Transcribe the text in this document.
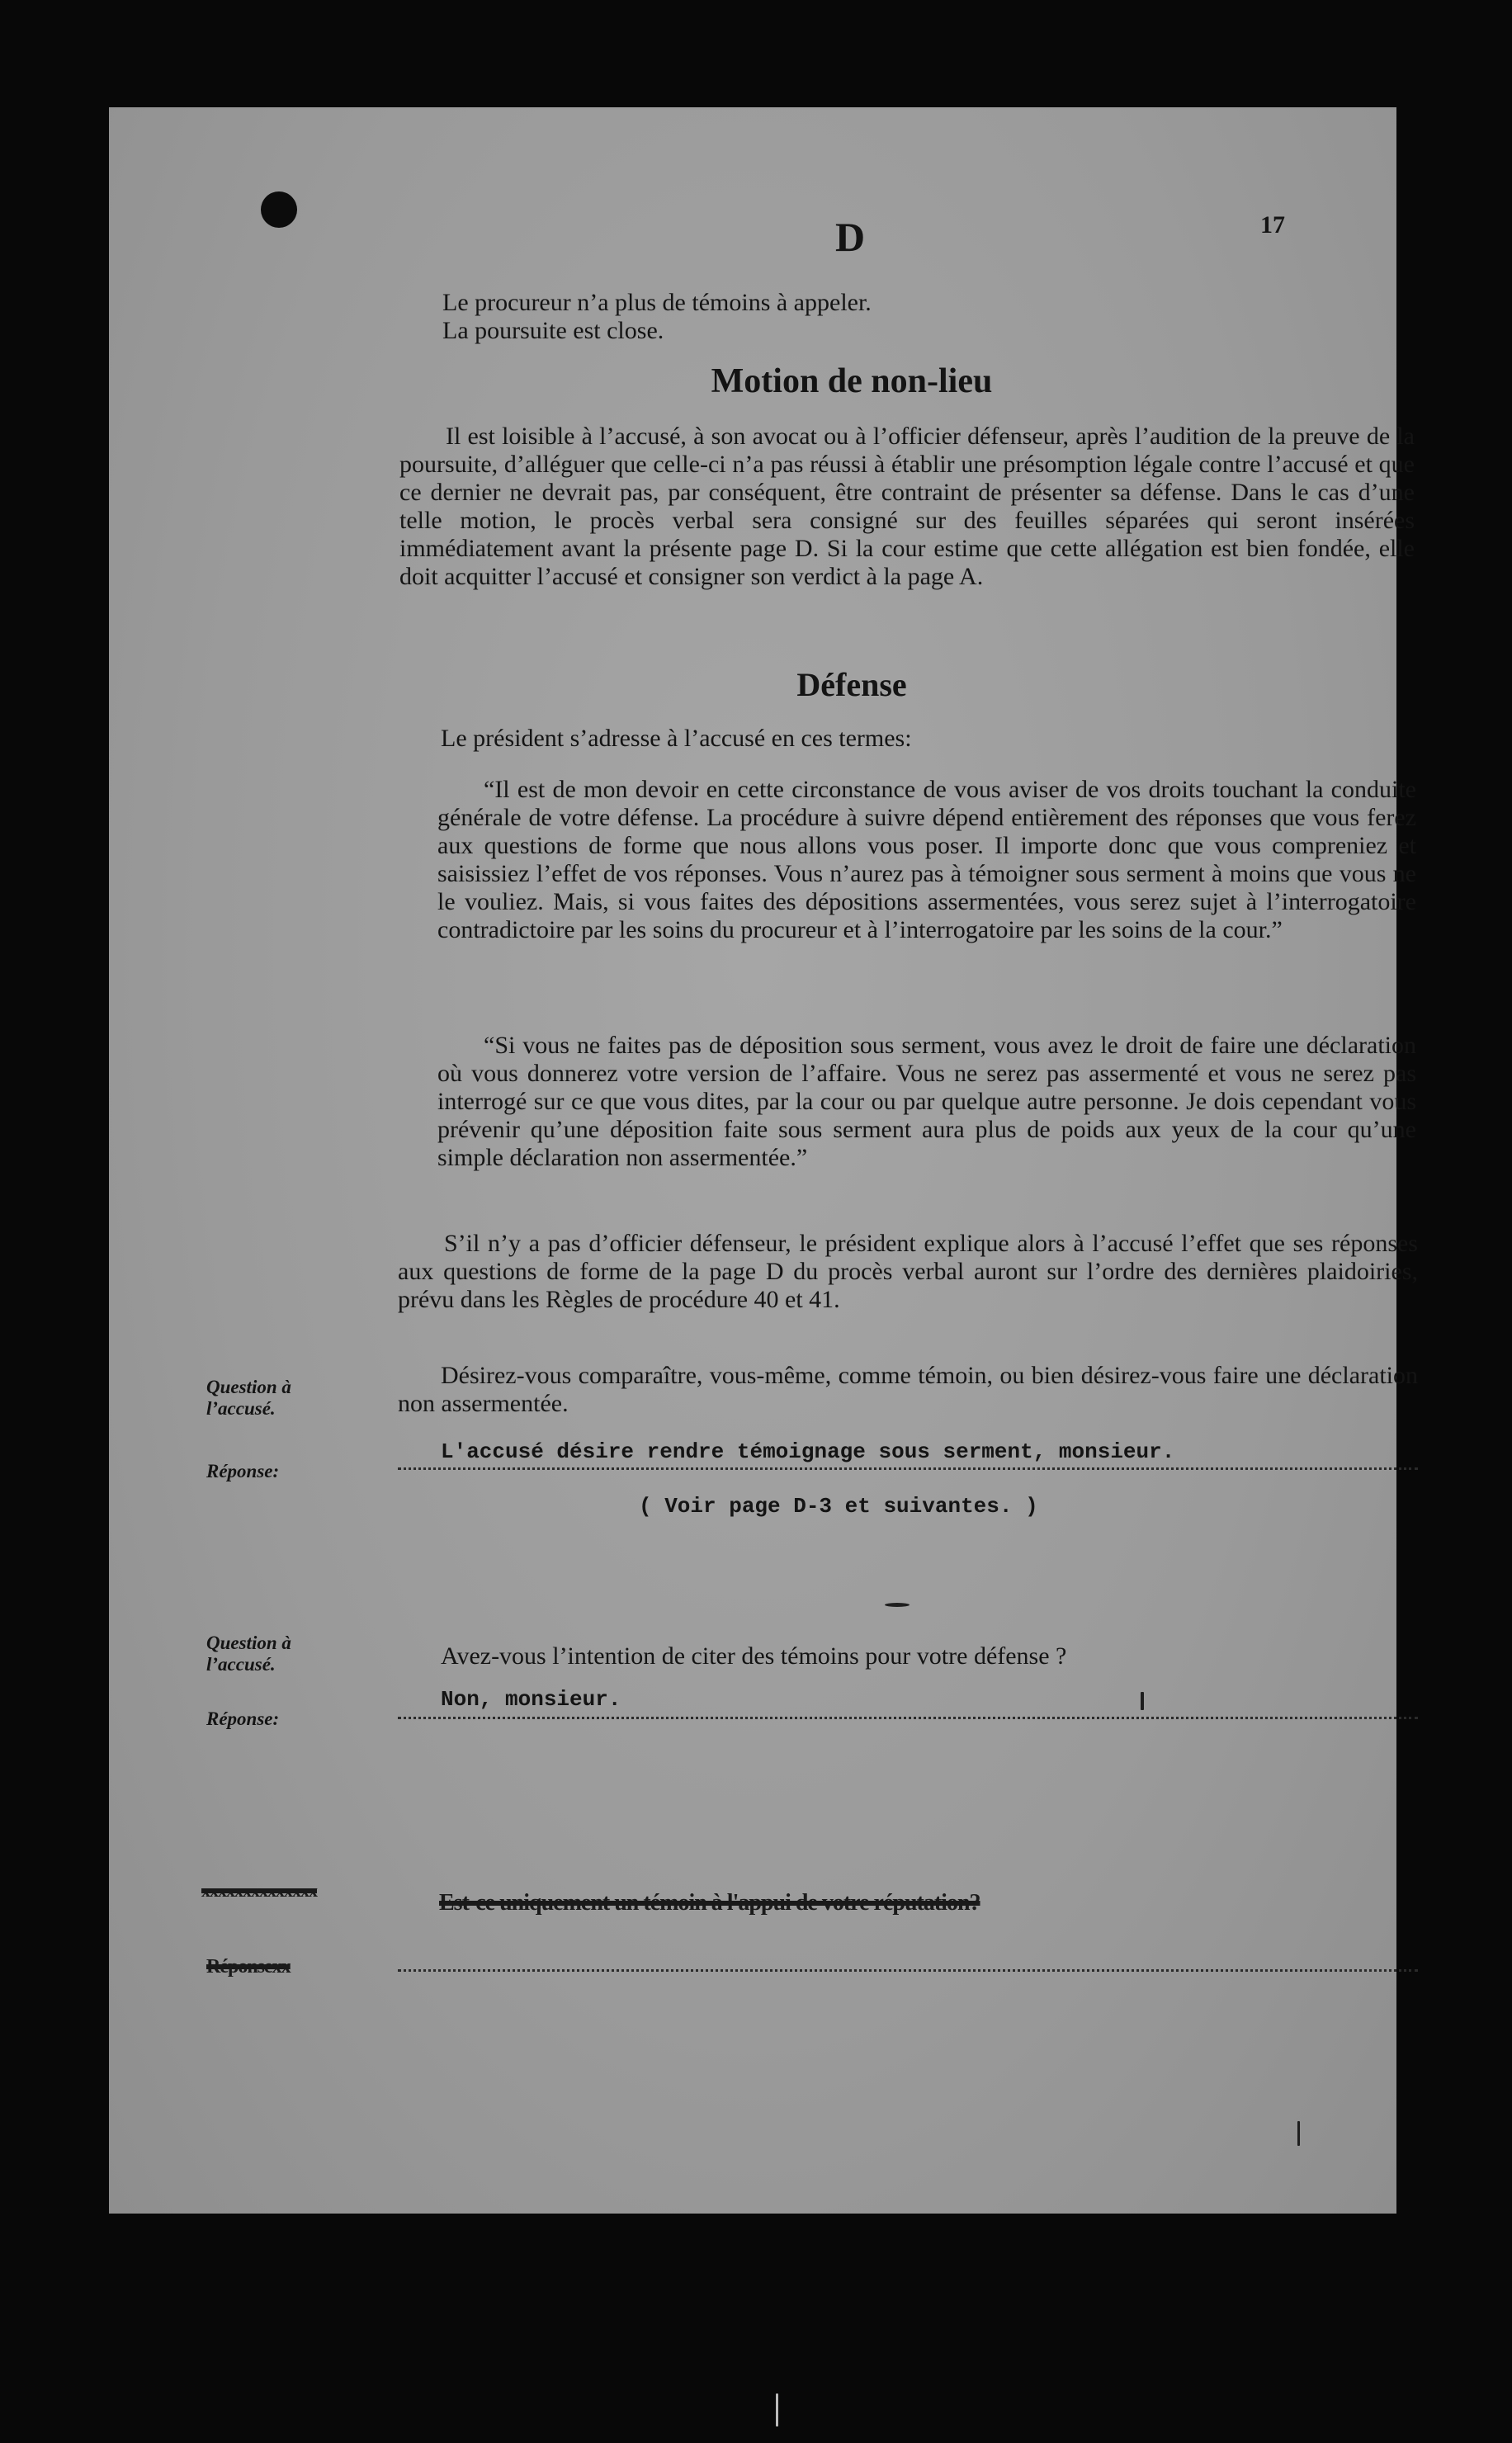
D	17
Le procureur n’a plus de témoins à appeler.
La poursuite est close.
Motion de non-lieu
Il est loisible à l’accusé, à son avocat ou à l’officier défenseur, après l’audition de la preuve de la poursuite, d’alléguer que celle-ci n’a pas réussi à établir une présomption légale contre l’accusé et que ce dernier ne devrait pas, par conséquent, être contraint de présenter sa défense. Dans le cas d’une telle motion, le procès verbal sera consigné sur des feuilles séparées qui seront insérées immédiatement avant la présente page D. Si la cour estime que cette allégation est bien fondée, elle doit acquitter l’accusé et consigner son verdict à la page A.
Défense
Le président s’adresse à l’accusé en ces termes:
“Il est de mon devoir en cette circonstance de vous aviser de vos droits touchant la conduite générale de votre défense. La procédure à suivre dépend entièrement des réponses que vous ferez aux questions de forme que nous allons vous poser. Il importe donc que vous compreniez et saisissiez l’effet de vos réponses. Vous n’aurez pas à témoigner sous serment à moins que vous ne le vouliez. Mais, si vous faites des dépositions assermentées, vous serez sujet à l’interrogatoire contradictoire par les soins du procureur et à l’interrogatoire par les soins de la cour.”
“Si vous ne faites pas de déposition sous serment, vous avez le droit de faire une déclaration où vous donnerez votre version de l’affaire. Vous ne serez pas assermenté et vous ne serez pas interrogé sur ce que vous dites, par la cour ou par quelque autre personne. Je dois cependant vous prévenir qu’une déposition faite sous serment aura plus de poids aux yeux de la cour qu’une simple déclaration non assermentée.”
S’il n’y a pas d’officier défenseur, le président explique alors à l’accusé l’effet que ses réponses aux questions de forme de la page D du procès verbal auront sur l’ordre des dernières plaidoiries, prévu dans les Règles de procédure 40 et 41.
Question à l’accusé.
Réponse:
Désirez-vous comparaître, vous-même, comme témoin, ou bien désirez-vous faire une déclaration non assermentée.
L'accusé désire rendre témoignage sous serment, monsieur.
( Voir page D-3 et suivantes. )
Question à l’accusé.
Réponse:
Avez-vous l’intention de citer des témoins pour votre défense ?
Non, monsieur.
xxxxxxxxxxxxxx	Est-ce uniquement un témoin à l'appui de votre réputation?
Réponsexx
